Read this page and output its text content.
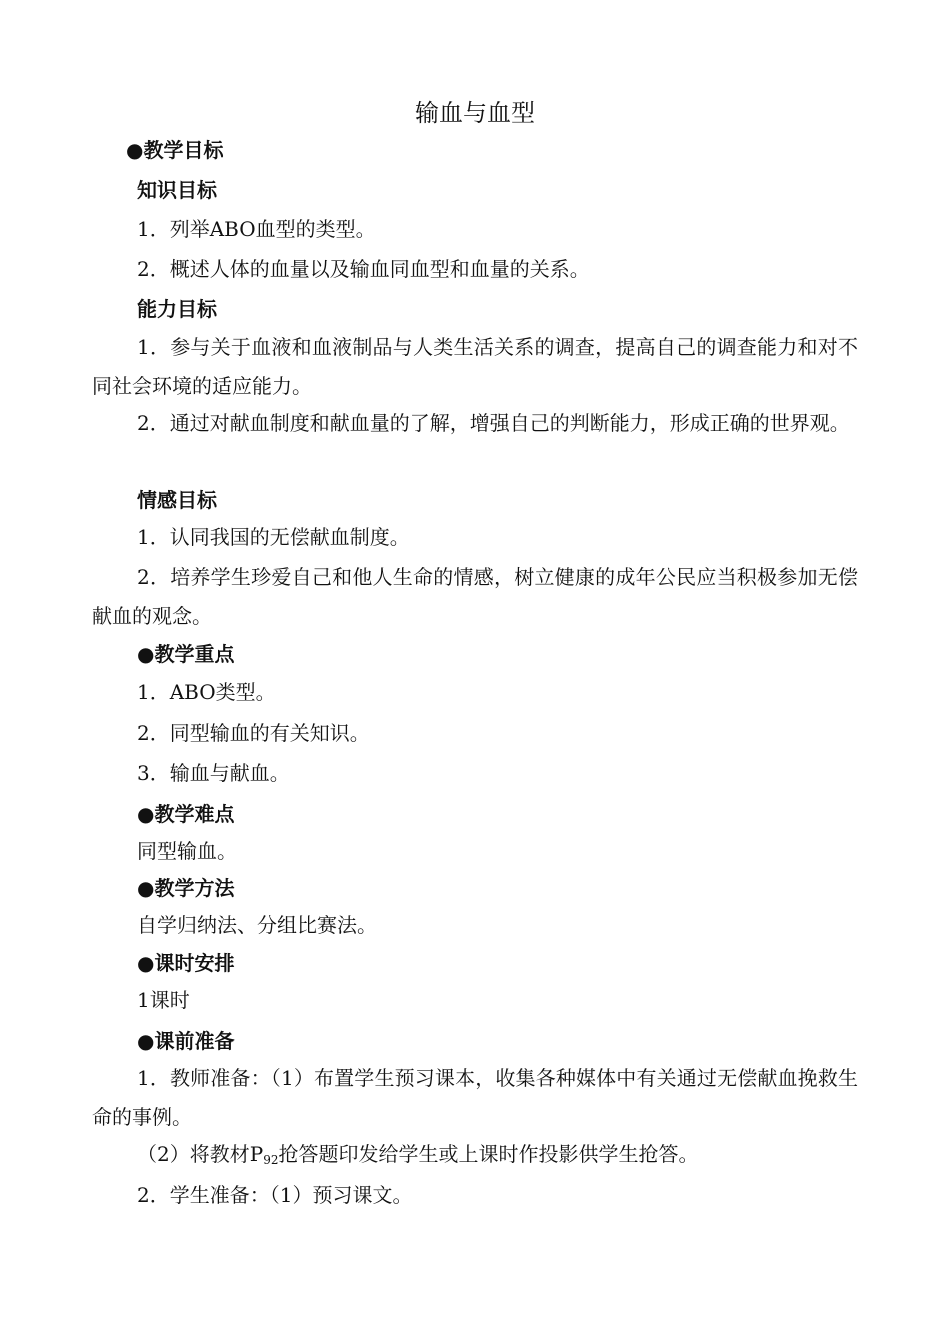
输血与血型
●教学目标
知识目标
1．列举ABO血型的类型。
2．概述人体的血量以及输血同血型和血量的关系。
能力目标
1．参与关于血液和血液制品与人类生活关系的调查，提高自己的调查能力和对不同社会环境的适应能力。
2．通过对献血制度和献血量的了解，增强自己的判断能力，形成正确的世界观。
情感目标
1．认同我国的无偿献血制度。
2．培养学生珍爱自己和他人生命的情感，树立健康的成年公民应当积极参加无偿献血的观念。
●教学重点
1．ABO类型。
2．同型输血的有关知识。
3．输血与献血。
●教学难点
同型输血。
●教学方法
自学归纳法、分组比赛法。
●课时安排
1课时
●课前准备
1．教师准备：（1）布置学生预习课本，收集各种媒体中有关通过无偿献血挽救生命的事例。
（2）将教材$P_{92}$抢答题印发给学生或上课时作投影供学生抢答。
2．学生准备：（1）预习课文。
